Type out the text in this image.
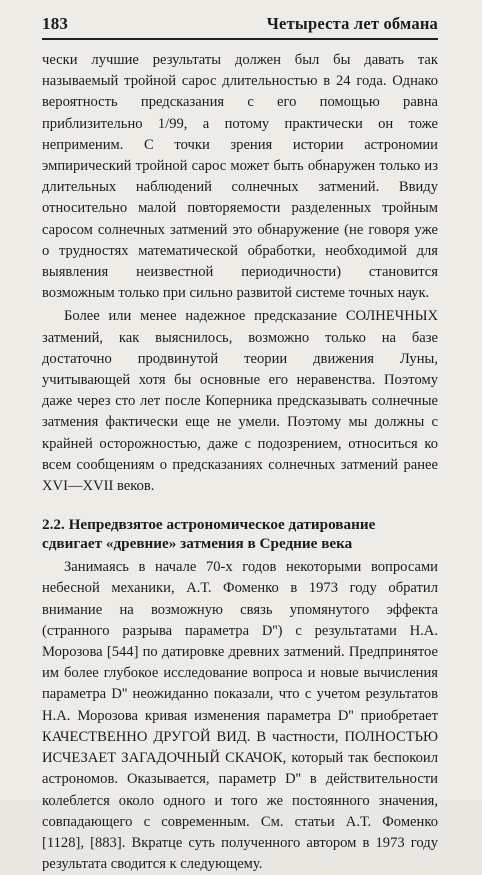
183	Четыреста лет обмана

чески лучшие результаты должен был бы давать так называемый тройной сарос длительностью в 24 года. Однако вероятность предсказания с его помощью равна приблизительно 1/99, а потому практически он тоже неприменим. С точки зрения истории астрономии эмпирический тройной сарос может быть обнаружен только из длительных наблюдений солнечных затмений. Ввиду относительно малой повторяемости разделенных тройным саросом солнечных затмений это обнаружение (не говоря уже о трудностях математической обработки, необходимой для выявления неизвестной периодичности) становится возможным только при сильно развитой системе точных наук.

Более или менее надежное предсказание СОЛНЕЧНЫХ затмений, как выяснилось, возможно только на базе достаточно продвинутой теории движения Луны, учитывающей хотя бы основные его неравенства. Поэтому даже через сто лет после Коперника предсказывать солнечные затмения фактически еще не умели. Поэтому мы должны с крайней осторожностью, даже с подозрением, относиться ко всем сообщениям о предсказаниях солнечных затмений ранее XVI—XVII веков.

2.2. Непредвзятое астрономическое датирование сдвигает «древние» затмения в Средние века

Занимаясь в начале 70-х годов некоторыми вопросами небесной механики, А.Т. Фоменко в 1973 году обратил внимание на возможную связь упомянутого эффекта (странного разрыва параметра D'') с результатами Н.А. Морозова [544] по датировке древних затмений. Предпринятое им более глубокое исследование вопроса и новые вычисления параметра D'' неожиданно показали, что с учетом результатов Н.А. Морозова кривая изменения параметра D'' приобретает КАЧЕСТВЕННО ДРУГОЙ ВИД. В частности, ПОЛНОСТЬЮ ИСЧЕЗАЕТ ЗАГАДОЧНЫЙ СКАЧОК, который так беспокоил астрономов. Оказывается, параметр D'' в действительности колеблется около одного и того же постоянного значения, совпадающего с современным. См. статьи А.Т. Фоменко [1128], [883]. Вкратце суть полученного автором в 1973 году результата сводится к следующему.
